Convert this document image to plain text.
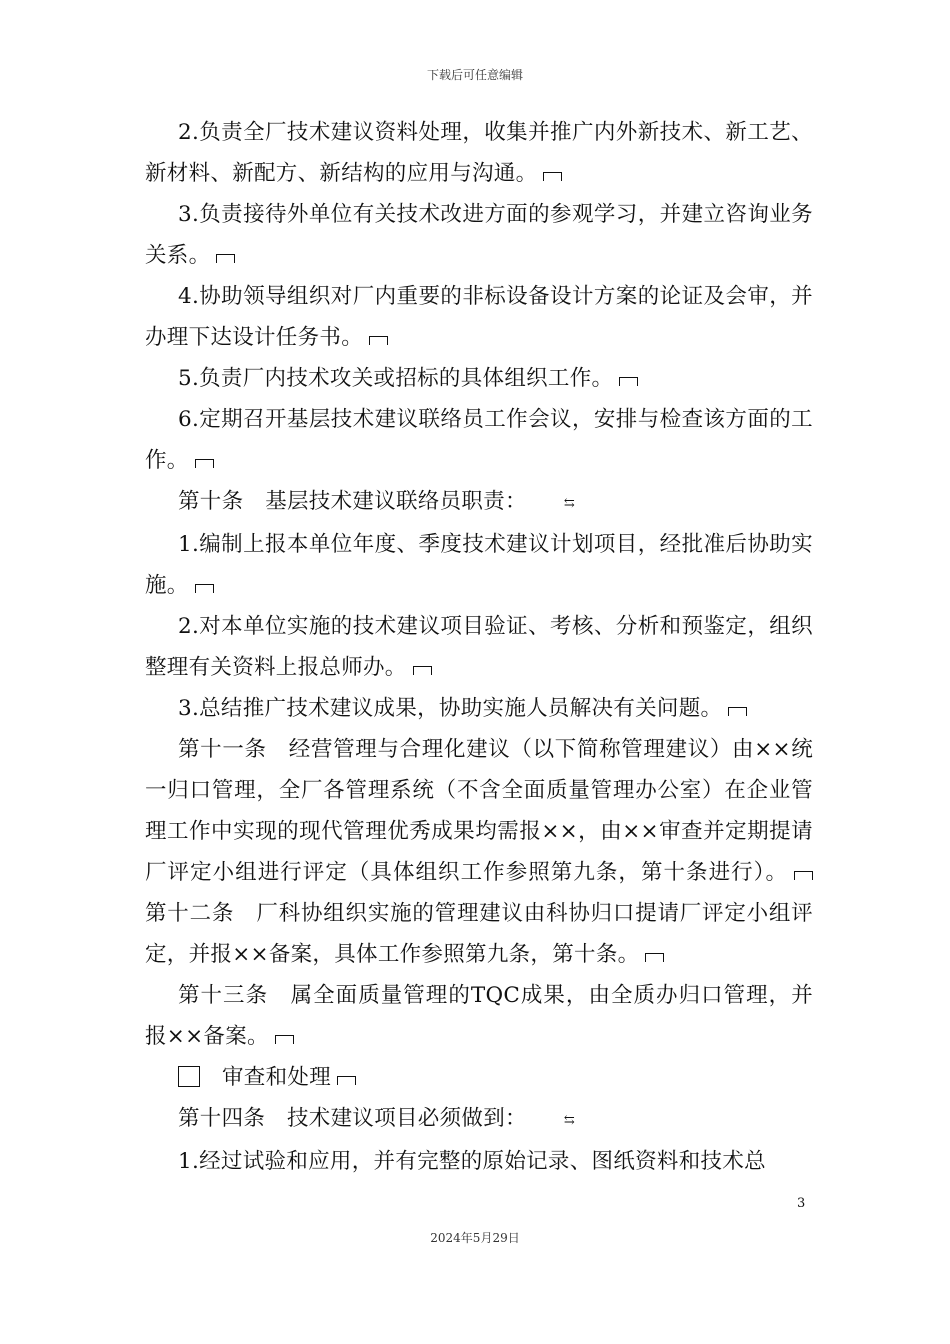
下载后可任意编辑

2.负责全厂技术建议资料处理，收集并推广内外新技术、新工艺、新材料、新配方、新结构的应用与沟通。

3.负责接待外单位有关技术改进方面的参观学习，并建立咨询业务关系。

4.协助领导组织对厂内重要的非标设备设计方案的论证及会审，并办理下达设计任务书。

5.负责厂内技术攻关或招标的具体组织工作。

6.定期召开基层技术建议联络员工作会议，安排与检查该方面的工作。

第十条　基层技术建议联络员职责：	⇆

1.编制上报本单位年度、季度技术建议计划项目，经批准后协助实施。

2.对本单位实施的技术建议项目验证、考核、分析和预鉴定，组织整理有关资料上报总师办。

3.总结推广技术建议成果，协助实施人员解决有关问题。

第十一条　经营管理与合理化建议（以下简称管理建议）由××统一归口管理，全厂各管理系统（不含全面质量管理办公室）在企业管理工作中实现的现代管理优秀成果均需报××，由××审查并定期提请厂评定小组进行评定（具体组织工作参照第九条，第十条进行）。　第十二条　厂科协组织实施的管理建议由科协归口提请厂评定小组评定，并报××备案，具体工作参照第九条，第十条。

第十三条　属全面质量管理的TQC成果，由全质办归口管理，并报××备案。

审查和处理

第十四条　技术建议项目必须做到：	⇆

1.经过试验和应用，并有完整的原始记录、图纸资料和技术总

3
2024年5月29日
